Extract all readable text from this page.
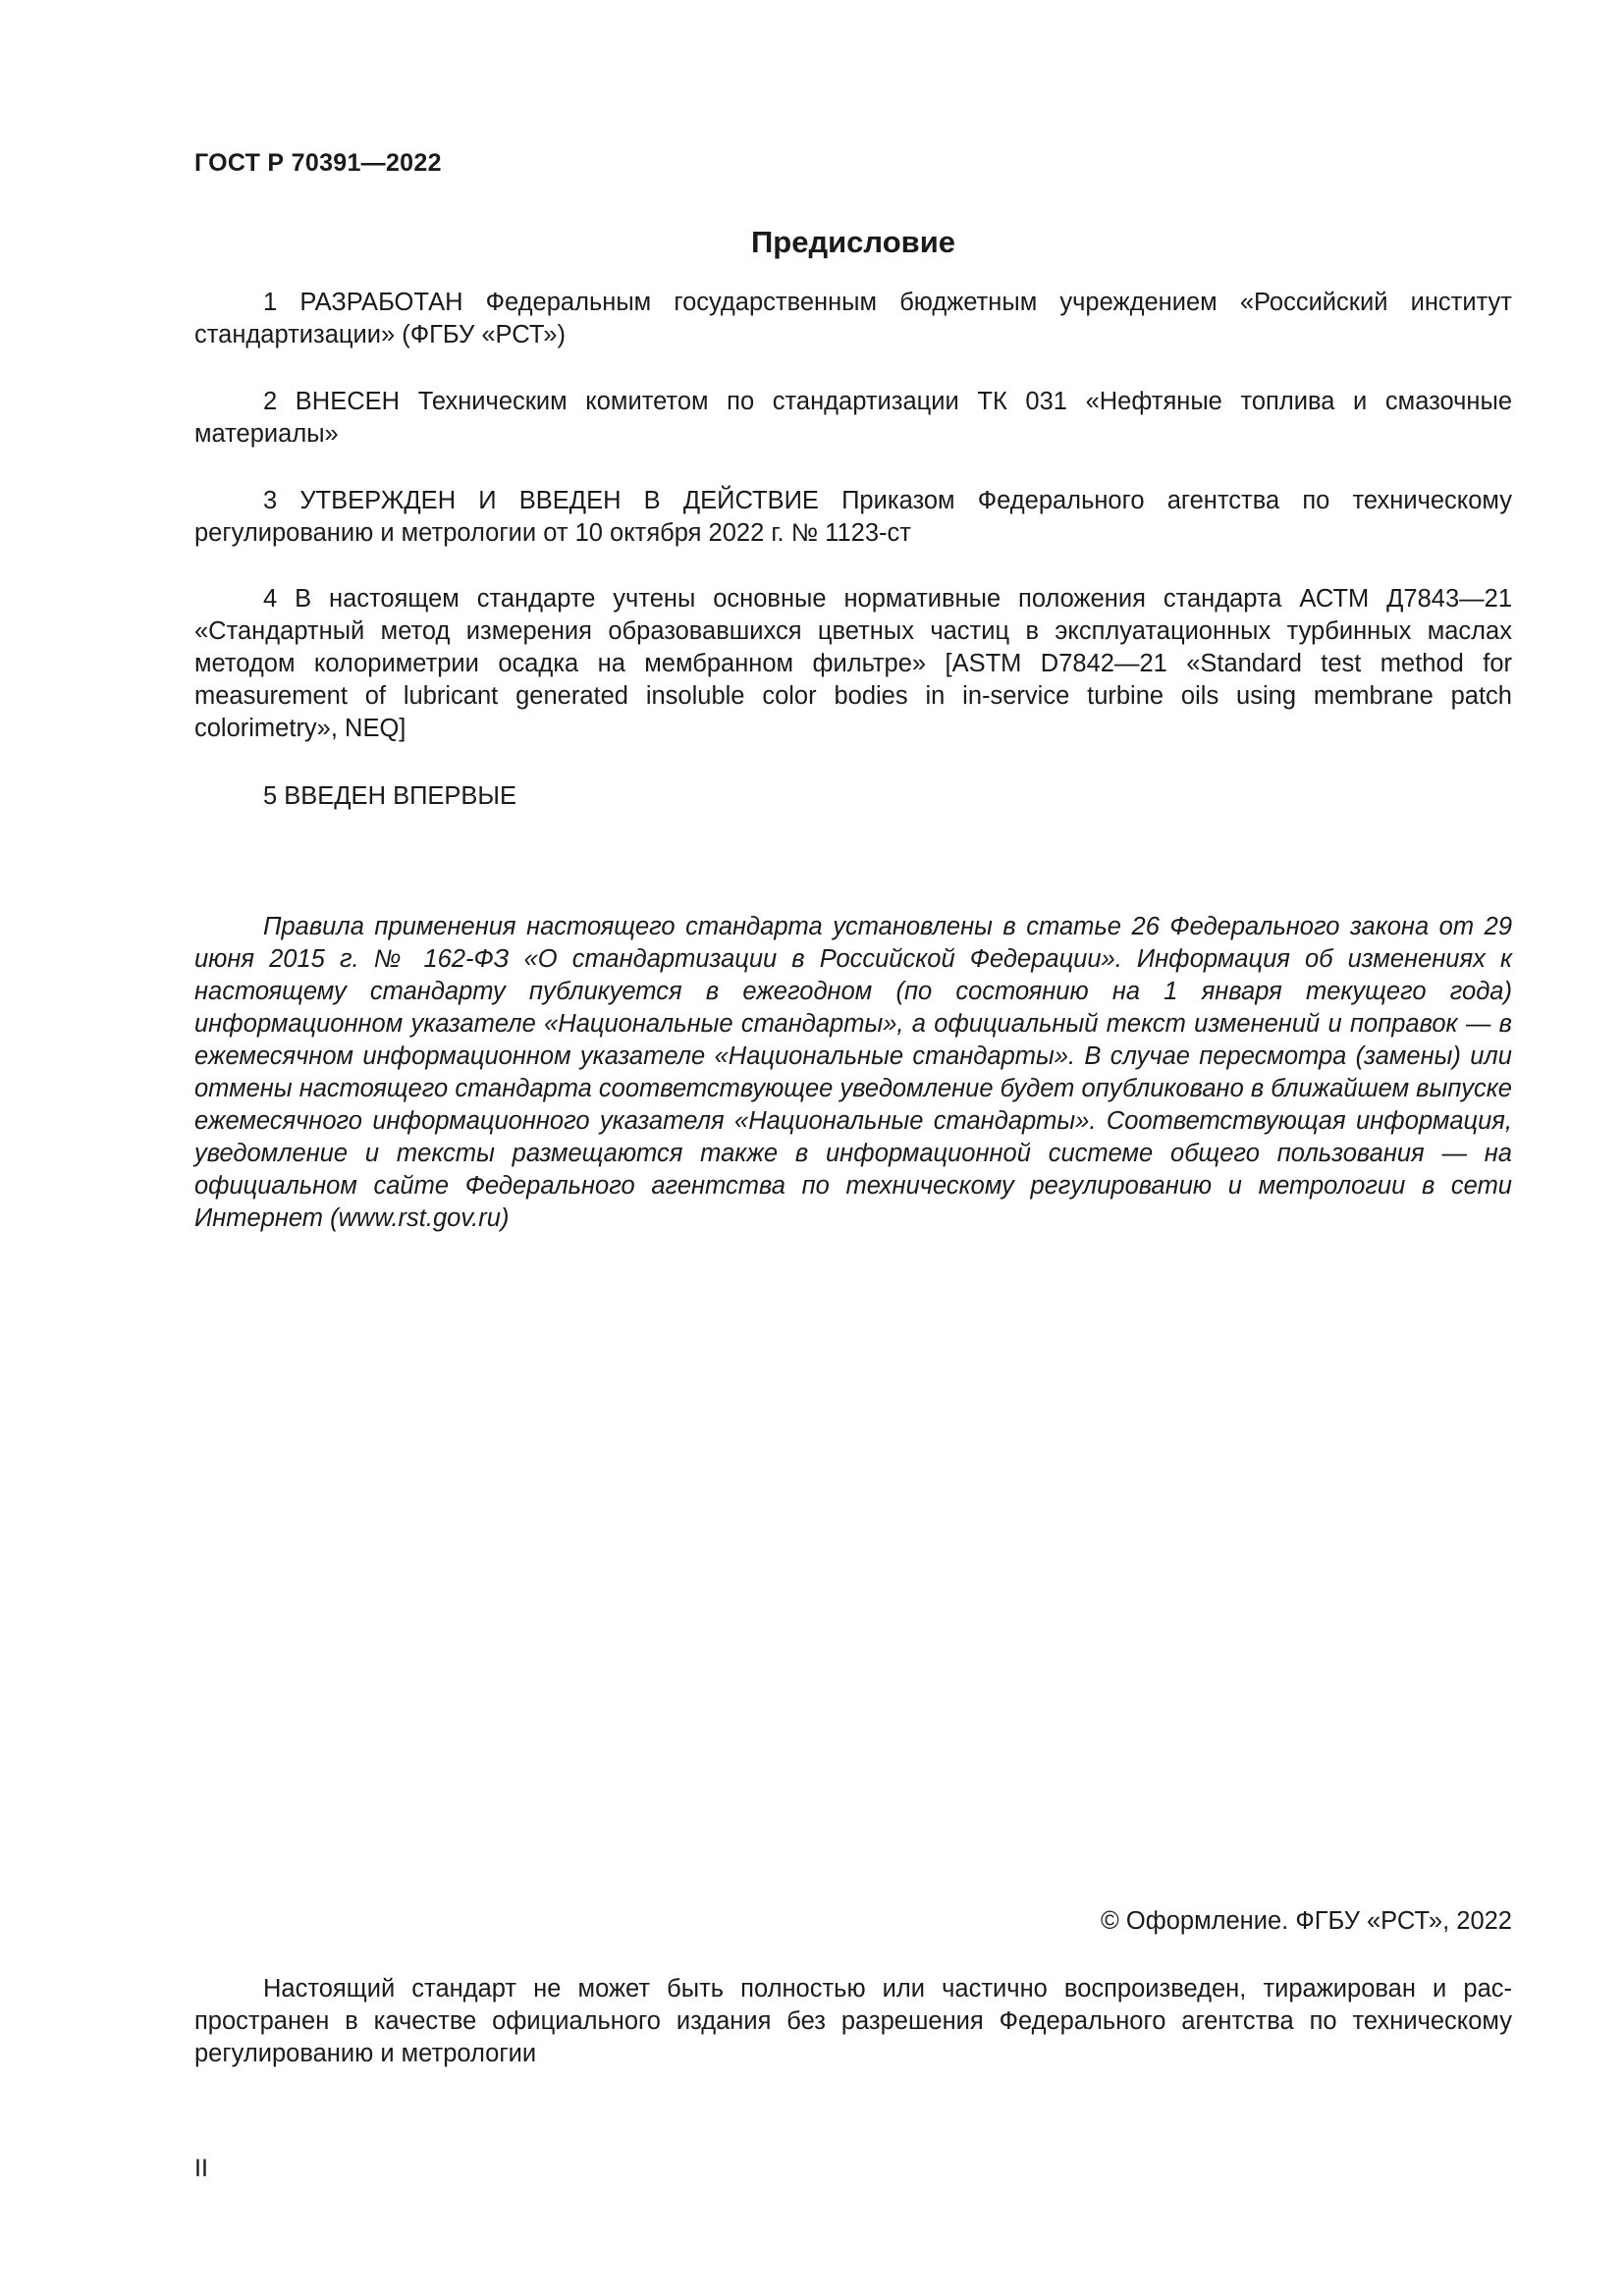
ГОСТ Р 70391—2022
Предисловие

1 РАЗРАБОТАН Федеральным государственным бюджетным учреждением «Российский институт стандартизации» (ФГБУ «РСТ»)

2 ВНЕСЕН Техническим комитетом по стандартизации ТК 031 «Нефтяные топлива и смазочные материалы»

3 УТВЕРЖДЕН И ВВЕДЕН В ДЕЙСТВИЕ Приказом Федерального агентства по техническому регулированию и метрологии от 10 октября 2022 г. № 1123-ст

4 В настоящем стандарте учтены основные нормативные положения стандарта АСТМ Д7843—21 «Стандартный метод измерения образовавшихся цветных частиц в эксплуатационных турбинных маслах методом колориметрии осадка на мембранном фильтре» [ASTM D7842—21 «Standard test method for measurement of lubricant generated insoluble color bodies in in-service turbine oils using membrane patch colorimetry», NEQ]

5 ВВЕДЕН ВПЕРВЫЕ

Правила применения настоящего стандарта установлены в статье 26 Федерального закона от 29 июня 2015 г. № 162-ФЗ «О стандартизации в Российской Федерации». Информация об изменениях к настоящему стандарту публикуется в ежегодном (по состоянию на 1 января текущего года) информационном указателе «Национальные стандарты», а официальный текст изменений и поправок — в ежемесячном информационном указателе «Национальные стандарты». В случае пересмотра (замены) или отмены настоящего стандарта соответствующее уведомление будет опубликовано в ближайшем выпуске ежемесячного информационного указателя «Национальные стандарты». Соответствующая информация, уведомление и тексты размещаются также в информационной системе общего пользования — на официальном сайте Федерального агентства по техническому регулированию и метрологии в сети Интернет (www.rst.gov.ru)

© Оформление. ФГБУ «РСТ», 2022

Настоящий стандарт не может быть полностью или частично воспроизведен, тиражирован и распространен в качестве официального издания без разрешения Федерального агентства по техническому регулированию и метрологии

II
